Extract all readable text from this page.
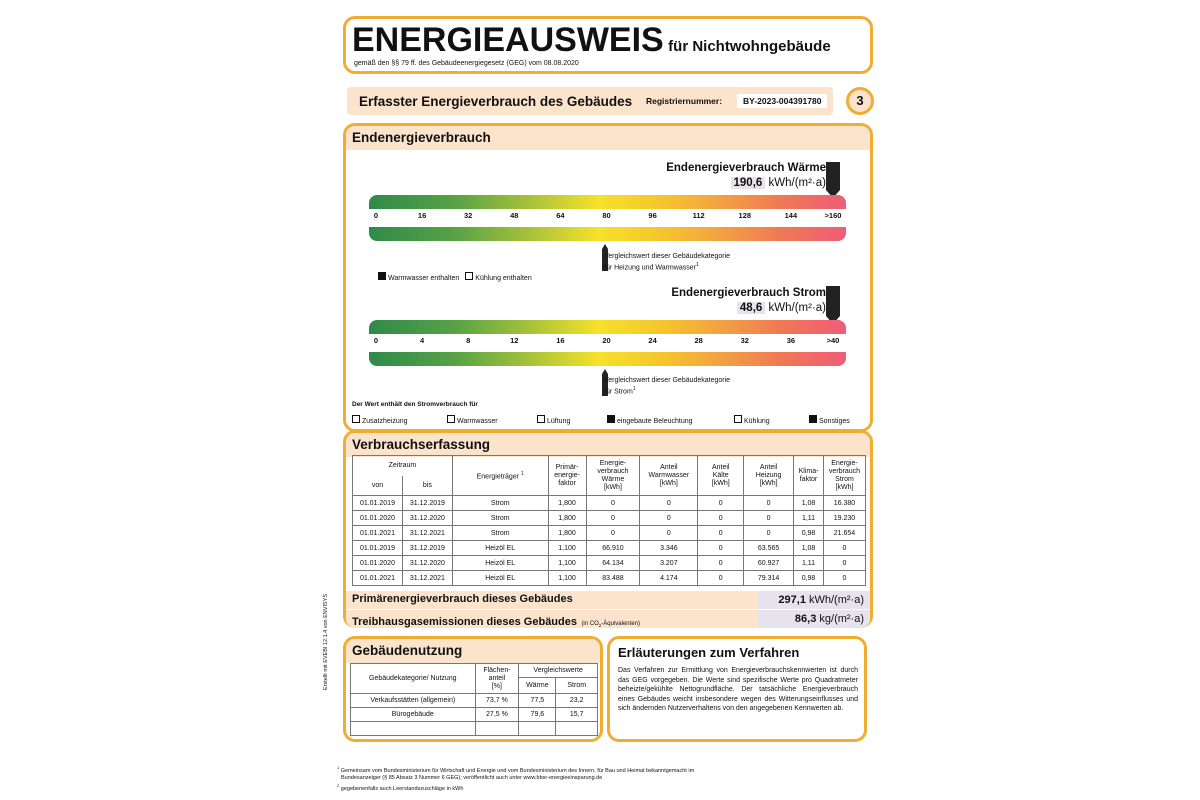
ENERGIEAUSWEIS für Nichtwohngebäude
gemäß den §§ 79 ff. des Gebäudeenergiegesetz (GEG) vom 08.08.2020
Erfasster Energieverbrauch des Gebäudes Registriernummer:	BY-2023-004391780	3
Endenergieverbrauch
Endenergieverbrauch Wärme
190,6 kWh/(m²·a)
0	16	32	48	64	80	96	112	128	144	>160
Vergleichswert dieser Gebäudekategorie
für Heizung und Warmwasser$^1$
Warmwasser enthalten Kühlung enthalten
Endenergieverbrauch Strom
48,6 kWh/(m²·a)
0	4	8	12	16	20	24	28	32	36	>40
Vergleichswert dieser Gebäudekategorie
für Strom$^1$
Der Wert enthält den Stromverbrauch für
Zusatzheizung	Warmwasser	Lüftung	eingebaute Beleuchtung	Kühlung	Sonstiges
Verbrauchserfassung
Zeitraum		Energieträger $^1$	Primär-
energie-
faktor	Energie-
verbrauch
Wärme
[kWh]	Anteil
Warmwasser
[kWh]	Anteil
Kälte
[kWh]	Anteil
Heizung
[kWh]	Klima-
faktor	Energie-
verbrauch
Strom
[kWh]
von	bis								
01.01.2019	31.12.2019	Strom	1,800	0	0	0	0	1,08	16.380
01.01.2020	31.12.2020	Strom	1,800	0	0	0	0	1,11	19.230
01.01.2021	31.12.2021	Strom	1,800	0	0	0	0	0,98	21.654
01.01.2019	31.12.2019	Heizöl EL	1,100	66.910	3.346	0	63.565	1,08	0
01.01.2020	31.12.2020	Heizöl EL	1,100	64.134	3.207	0	60.927	1,11	0
01.01.2021	31.12.2021	Heizöl EL	1,100	83.488	4.174	0	79.314	0,98	0
Primärenergieverbrauch dieses Gebäudes	297,1 kWh/(m²·a)
Treibhausgasemissionen dieses Gebäudes (in $CO_2-Äquivalenten$)	86,3 kg/(m²·a)
Erstellt mit EVEBI 12.1.4 von ENVISYS	Gebäudenutzung
Gebäudekategorie/ Nutzung	Flächen-
anteil
[%]	Vergleichswerte	
		Wärme	Strom
Verkaufsstätten (allgemein)	73,7 %	77,5	23,2
Bürogebäude	27,5 %	79,6	15,7

Erläuterungen zum Verfahren
Das Verfahren zur Ermittlung von Energieverbrauchskennwerten ist durch das GEG vorgegeben. Die Werte sind spezifische Werte pro Quadratmeter beheizte/gekühlte Nettogrundfläche. Der tatsächliche Energieverbrauch eines Gebäudes weicht insbesondere wegen des Witterungseinflusses und sich ändernden Nutzerverhaltens von den angegebenen Kennwerten ab.
$^1$ Gemeinsam vom Bundesministerium für Wirtschaft und Energie und vom Bundesministerium des Innern, für Bau und Heimat bekanntgemacht im
Bundesanzeiger (§ 85 Absatz 3 Nummer 6 GEG); veröffentlicht auch unter www.bbsr-energieeinsparung.de
$^2$ gegebenenfalls auch Leerstandszuschläge in kWh
